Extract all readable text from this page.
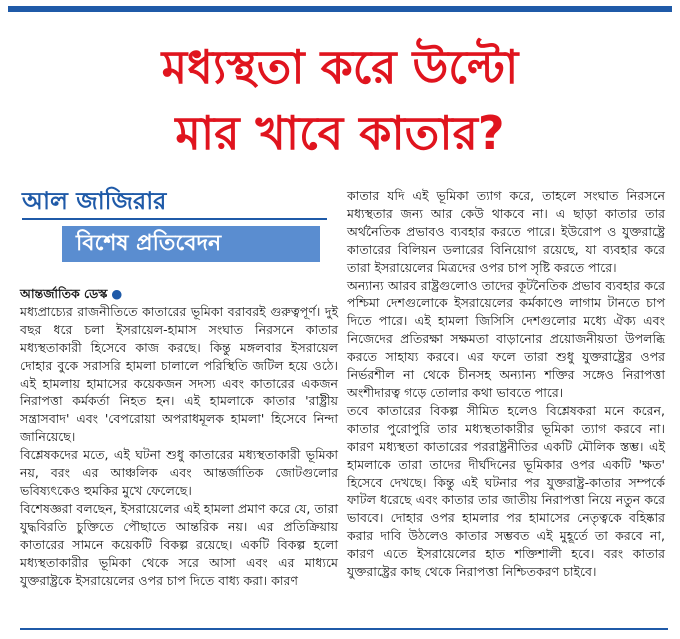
মধ্যস্থতা করে উল্টো
মার খাবে কাতার?
আল জাজিরার
বিশেষ প্রতিবেদন

আন্তর্জাতিক ডেস্ক ●

মধ্যপ্রাচ্যের রাজনীতিতে কাতারের ভূমিকা বরাবরই গুরুত্বপূর্ণ। দুই বছর ধরে চলা ইসরায়েল-হামাস সংঘাত নিরসনে কাতার মধ্যস্থতাকারী হিসেবে কাজ করছে। কিন্তু মঙ্গলবার ইসরায়েল দোহার বুকে সরাসরি হামলা চালালে পরিস্থিতি জটিল হয়ে ওঠে। এই হামলায় হামাসের কয়েকজন সদস্য এবং কাতারের একজন নিরাপত্তা কর্মকর্তা নিহত হন। এই হামলাকে কাতার 'রাষ্ট্রীয় সন্ত্রাসবাদ' এবং 'বেপরোয়া অপরাধমূলক হামলা' হিসেবে নিন্দা জানিয়েছে।

বিশ্লেষকদের মতে, এই ঘটনা শুধু কাতারের মধ্যস্থতাকারী ভূমিকা নয়, বরং এর আঞ্চলিক এবং আন্তর্জাতিক জোটগুলোর ভবিষ্যৎকেও হুমকির মুখে ফেলেছে।

বিশেষজ্ঞরা বলছেন, ইসরায়েলের এই হামলা প্রমাণ করে যে, তারা যুদ্ধবিরতি চুক্তিতে পৌছাতে আন্তরিক নয়। এর প্রতিক্রিয়ায় কাতারের সামনে কয়েকটি বিকল্প রয়েছে। একটি বিকল্প হলো মধ্যস্থতাকারীর ভূমিকা থেকে সরে আসা এবং এর মাধ্যমে যুক্তরাষ্ট্রকে ইসরায়েলের ওপর চাপ দিতে বাধ্য করা। কারণ

কাতার যদি এই ভূমিকা ত্যাগ করে, তাহলে সংঘাত নিরসনে মধ্যস্থতার জন্য আর কেউ থাকবে না। এ ছাড়া কাতার তার অর্থনৈতিক প্রভাবও ব্যবহার করতে পারে। ইউরোপ ও যুক্তরাষ্ট্রে কাতারের বিলিয়ন ডলারের বিনিয়োগ রয়েছে, যা ব্যবহার করে তারা ইসরায়েলের মিত্রদের ওপর চাপ সৃষ্টি করতে পারে।

অন্যান্য আরব রাষ্ট্রগুলোও তাদের কূটনৈতিক প্রভাব ব্যবহার করে পশ্চিমা দেশগুলোকে ইসরায়েলের কর্মকাণ্ডে লাগাম টানতে চাপ দিতে পারে। এই হামলা জিসিসি দেশগুলোর মধ্যে ঐক্য এবং নিজেদের প্রতিরক্ষা সক্ষমতা বাড়ানোর প্রয়োজনীয়তা উপলব্ধি করতে সাহায্য করবে। এর ফলে তারা শুধু যুক্তরাষ্ট্রের ওপর নির্ভরশীল না থেকে চীনসহ অন্যান্য শক্তির সঙ্গেও নিরাপত্তা অংশীদারত্ব গড়ে তোলার কথা ভাবতে পারে।

তবে কাতারের বিকল্প সীমিত হলেও বিশ্লেষকরা মনে করেন, কাতার পুরোপুরি তার মধ্যস্থতাকারীর ভূমিকা ত্যাগ করবে না। কারণ মধ্যস্থতা কাতারের পররাষ্ট্রনীতির একটি মৌলিক স্তম্ভ। এই হামলাকে তারা তাদের দীর্ঘদিনের ভূমিকার ওপর একটি 'ক্ষত' হিসেবে দেখছে। কিন্তু এই ঘটনার পর যুক্তরাষ্ট্র-কাতার সম্পর্কে ফাটল ধরেছে এবং কাতার তার জাতীয় নিরাপত্তা নিয়ে নতুন করে ভাববে। দোহার ওপর হামলার পর হামাসের নেতৃত্বকে বহিষ্কার করার দাবি উঠলেও কাতার সম্ভবত এই মুহূর্তে তা করবে না, কারণ এতে ইসরায়েলের হাত শক্তিশালী হবে। বরং কাতার যুক্তরাষ্ট্রের কাছ থেকে নিরাপত্তা নিশ্চিতকরণ চাইবে।
